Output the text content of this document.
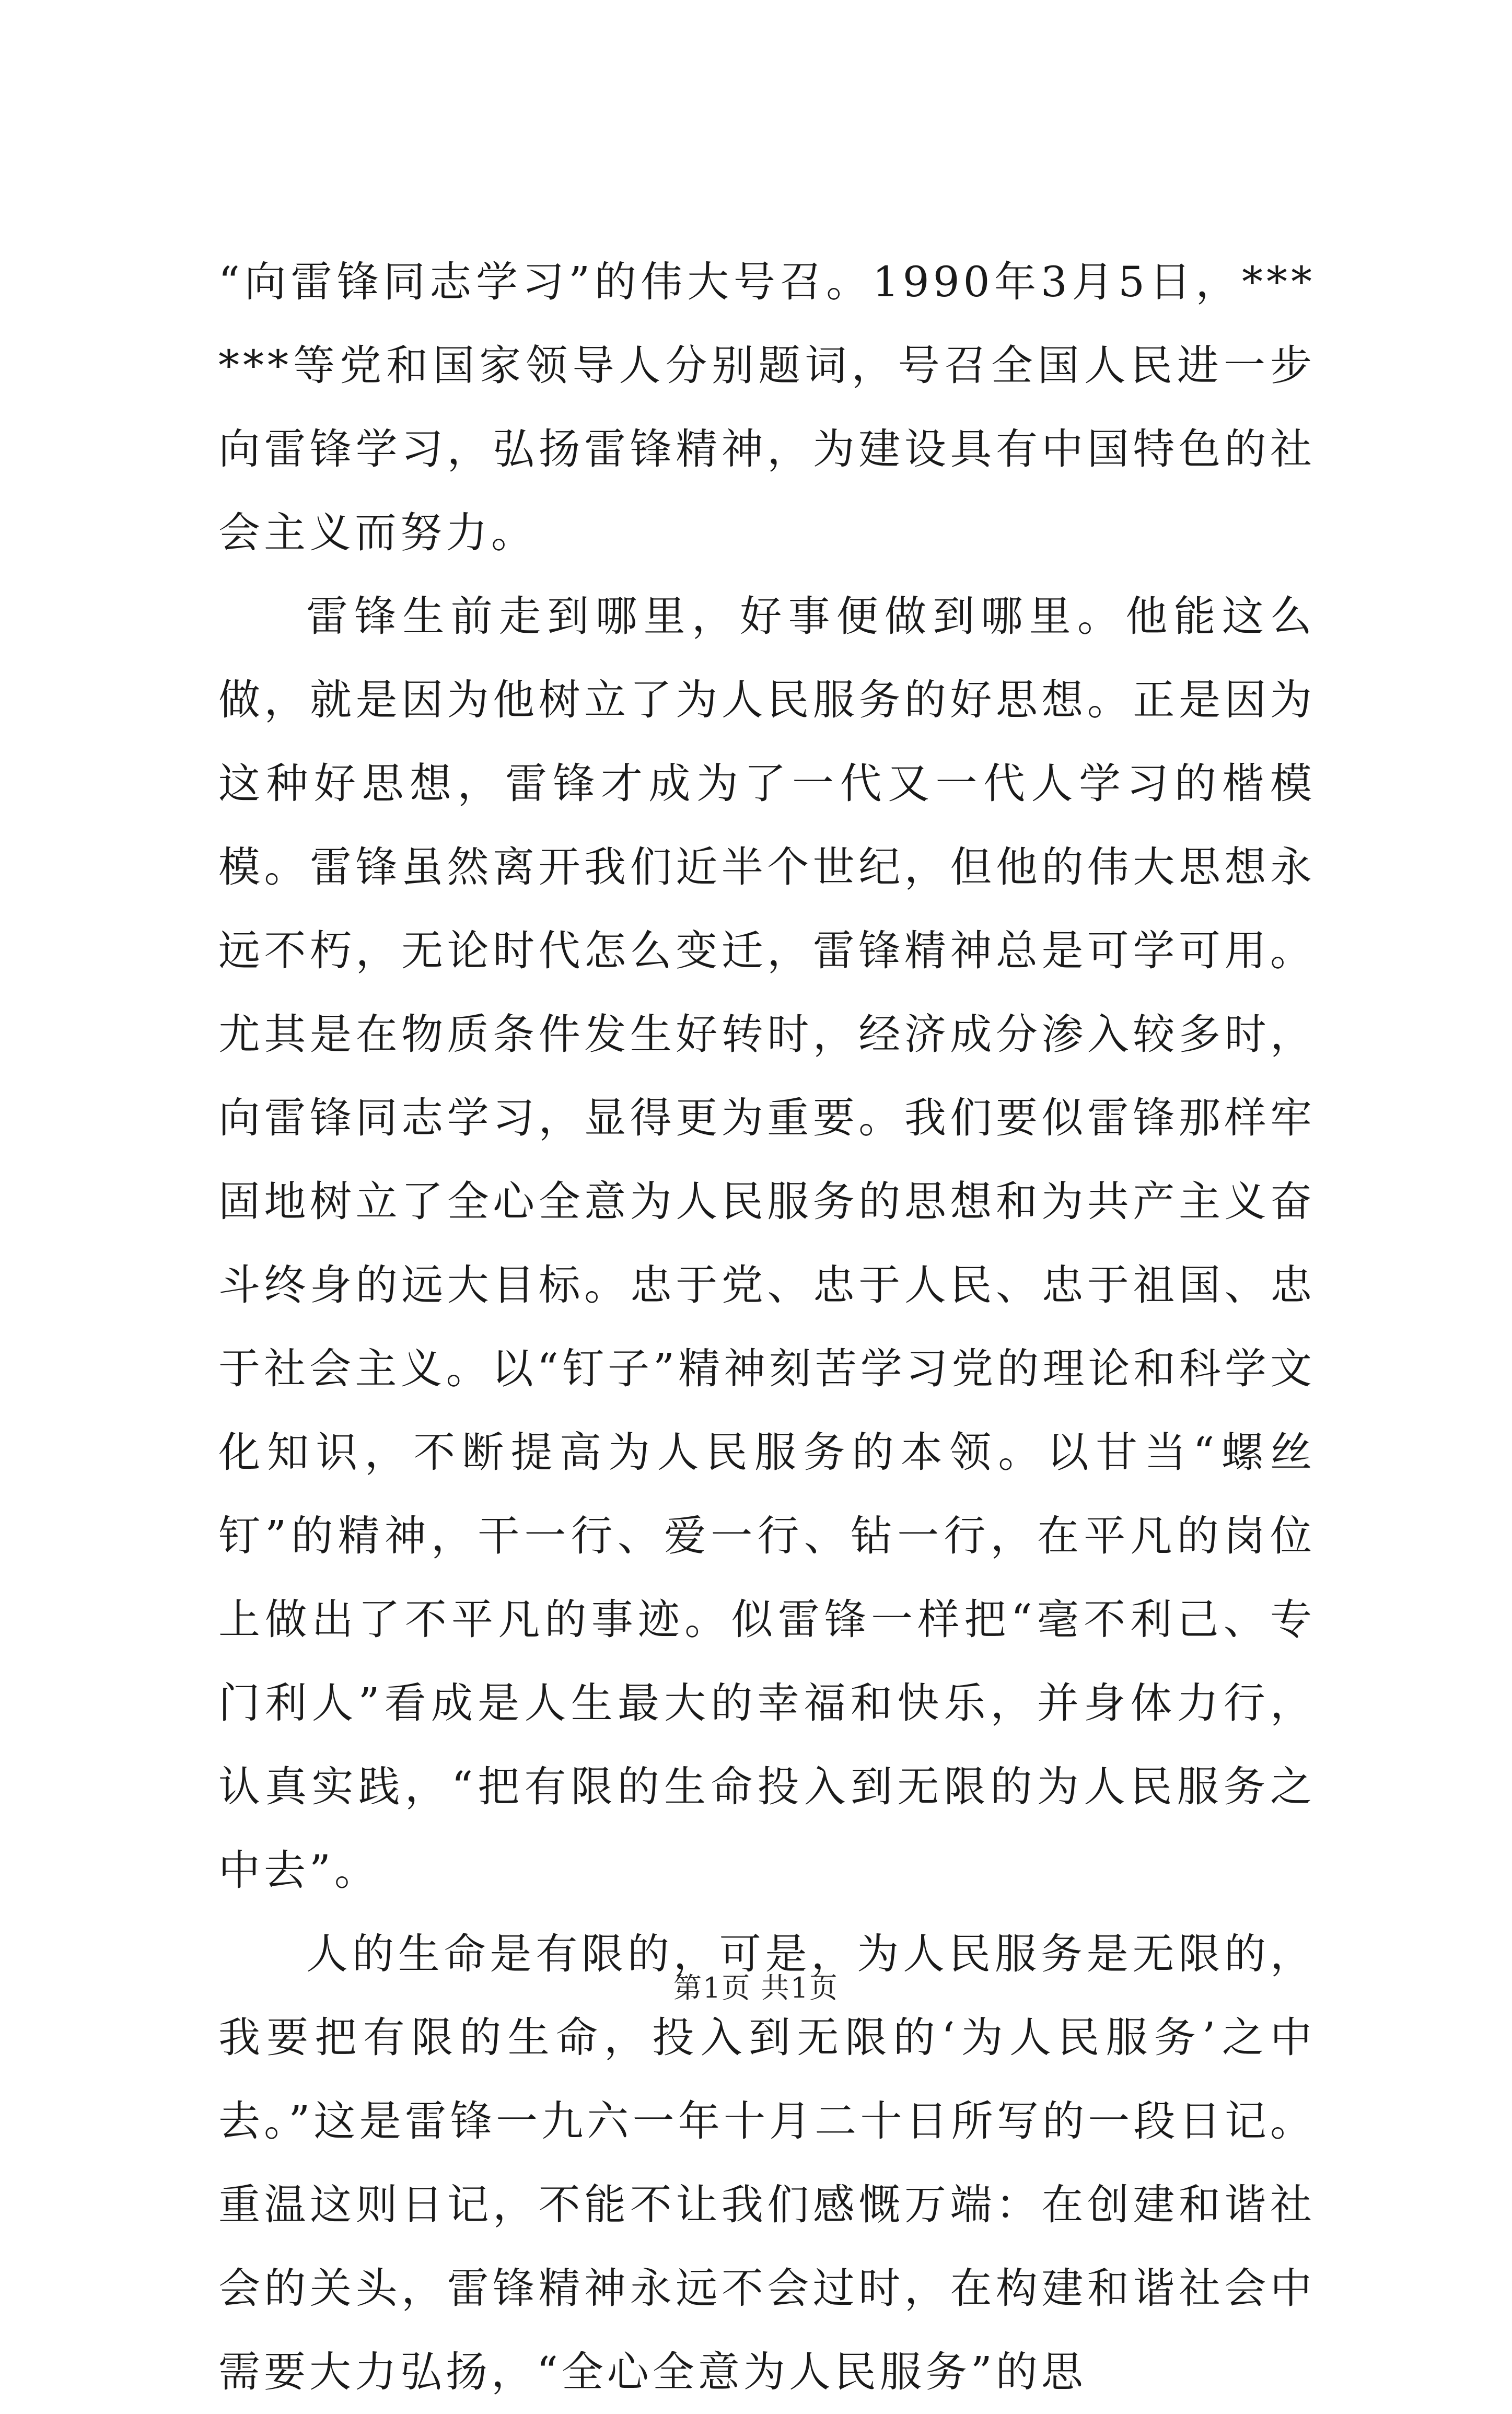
“向雷锋同志学习”的伟大号召。1990年3月5日，******等党和国家领导人分别题词，号召全国人民进一步向雷锋学习，弘扬雷锋精神，为建设具有中国特色的社会主义而努力。

雷锋生前走到哪里，好事便做到哪里。他能这么做，就是因为他树立了为人民服务的好思想。正是因为这种好思想，雷锋才成为了一代又一代人学习的楷模模。雷锋虽然离开我们近半个世纪，但他的伟大思想永远不朽，无论时代怎么变迁，雷锋精神总是可学可用。尤其是在物质条件发生好转时，经济成分渗入较多时，向雷锋同志学习，显得更为重要。我们要似雷锋那样牢固地树立了全心全意为人民服务的思想和为共产主义奋斗终身的远大目标。忠于党、忠于人民、忠于祖国、忠于社会主义。以“钉子”精神刻苦学习党的理论和科学文化知识，不断提高为人民服务的本领。以甘当“螺丝钉”的精神，干一行、爱一行、钻一行，在平凡的岗位上做出了不平凡的事迹。似雷锋一样把“毫不利己、专门利人”看成是人生最大的幸福和快乐，并身体力行，认真实践，“把有限的生命投入到无限的为人民服务之中去”。

人的生命是有限的，可是，为人民服务是无限的，我要把有限的生命，投入到无限的‘为人民服务’之中去。”这是雷锋一九六一年十月二十日所写的一段日记。重温这则日记，不能不让我们感慨万端：在创建和谐社会的关头，雷锋精神永远不会过时，在构建和谐社会中需要大力弘扬，“全心全意为人民服务”的思

第1页 共1页
